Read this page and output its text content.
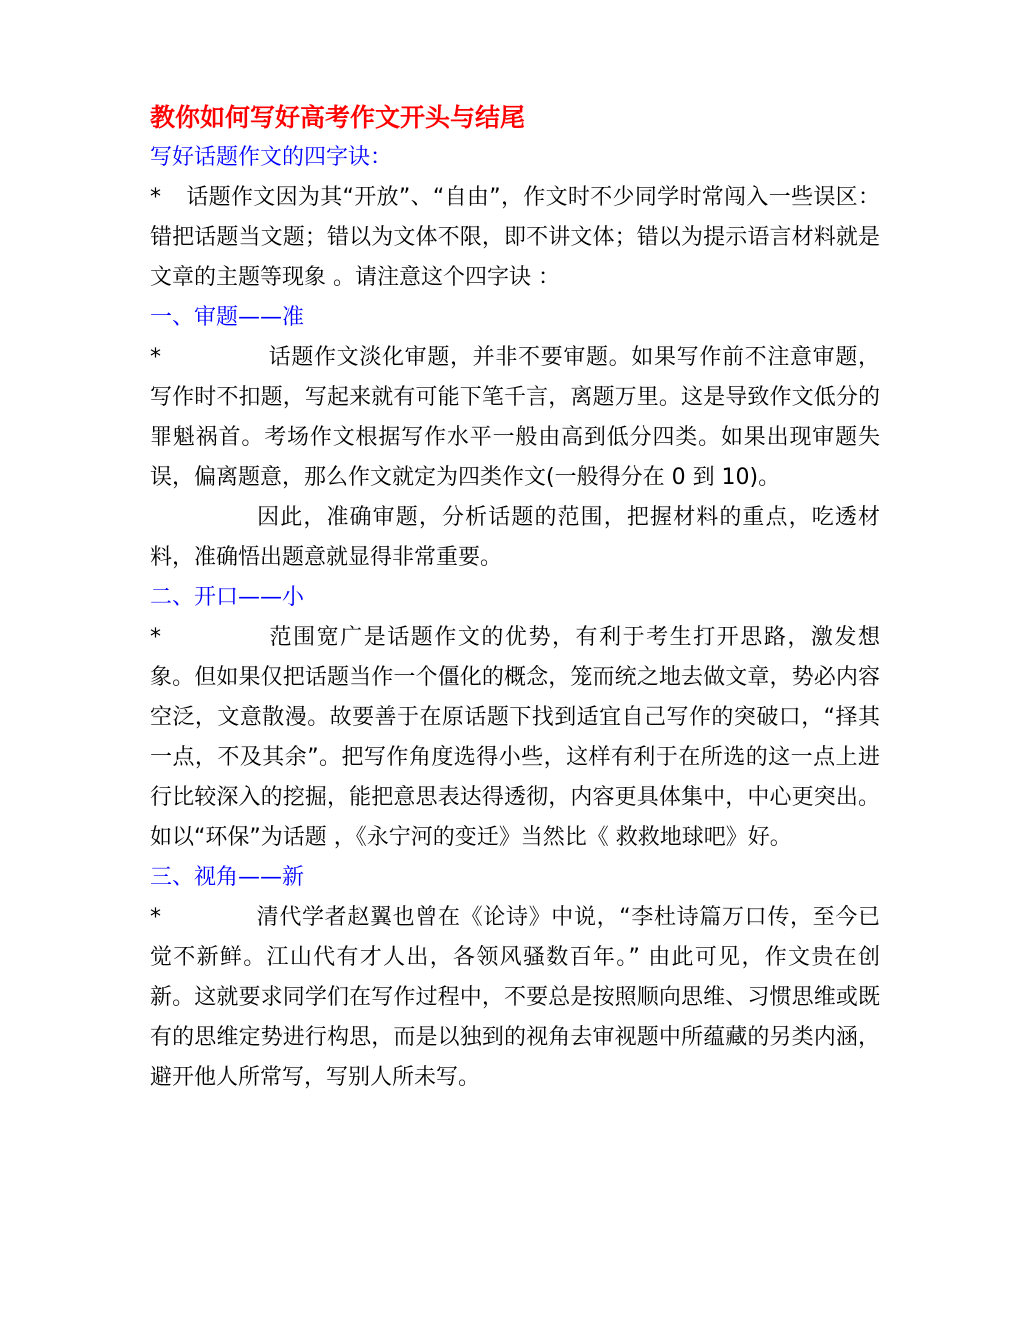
教你如何写好高考作文开头与结尾

写好话题作文的四字诀：

* 话题作文因为其“开放”、“自由”，作文时不少同学时常闯入一些误区：错把话题当文题；错以为文体不限，即不讲文体；错以为提示语言材料就是文章的主题等现象 。请注意这个四字诀 ：

一、审题——准

*	话题作文淡化审题，并非不要审题。如果写作前不注意审题，写作时不扣题，写起来就有可能下笔千言，离题万里。这是导致作文低分的罪魁祸首。考场作文根据写作水平一般由高到低分四类。如果出现审题失误，偏离题意，那么作文就定为四类作文(一般得分在 0 到 10)。

因此，准确审题，分析话题的范围，把握材料的重点，吃透材料，准确悟出题意就显得非常重要。

二、开口——小

*	范围宽广是话题作文的优势，有利于考生打开思路，激发想象。但如果仅把话题当作一个僵化的概念，笼而统之地去做文章，势必内容空泛，文意散漫。故要善于在原话题下找到适宜自己写作的突破口，“择其一点，不及其余”。把写作角度选得小些，这样有利于在所选的这一点上进行比较深入的挖掘，能把意思表达得透彻，内容更具体集中，中心更突出。如以“环保”为话题 ，《永宁河的变迁》当然比《 救救地球吧》好。

三、视角——新

*	清代学者赵翼也曾在《论诗》中说，“李杜诗篇万口传，至今已觉不新鲜。江山代有才人出，各领风骚数百年。” 由此可见，作文贵在创新。这就要求同学们在写作过程中，不要总是按照顺向思维、习惯思维或既有的思维定势进行构思，而是以独到的视角去审视题中所蕴藏的另类内涵，避开他人所常写，写别人所未写。
